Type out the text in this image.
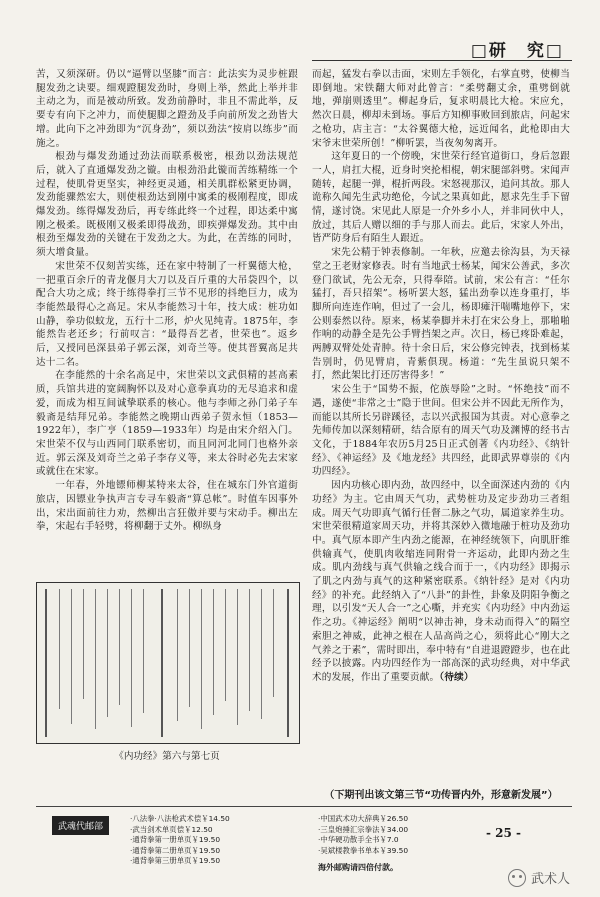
□研　究□

苦，又须深研。仍以“逼臂以坚膝”而言：此法实为灵步桩跟腿发劲之诀要。细观蹬腿发劲时，身则上举，然此上举并非主动之为，而是被动所致。发劲前静时，非且不需此举，反要专有向下之冲力，而使腿脚之蹬劲及手向前所发之劲皆大增。此向下之冲劲即为“沉身劲”，须以劲法“按肩以练步”而施之。

根劲与爆发劲通过劲法而联系极密，根劲以劲法规范后，就入了直通爆发劲之镟。由根劲沿此镟而苦练精练一个过程，使肌骨更坚实，神经更灵通，相关肌群松紧更协调，发劲能骤然宏大，则使根劲达到刚中寓柔的极刚程度，即成爆发劲。练得爆发劲后，再专练此终一个过程，即达柔中寓刚之极柔。既极刚又极柔即得战劲，即疾弹爆发劲。其中由根劲至爆发劲的关键在于发劲之大。为此，在苦练的同时，须大增食量。

宋世荣不仅刻苦实练，还在家中特制了一杆翼德大枪，一把重百余斤的青龙偃月大刀以及百斤重的大吊袋四个，以配合大功之成；终于练得拳打三节不见形的抖绝巨力，成为李能然最得心之高足。宋从李能然习十年，技大成：桩功如山静，拳功似蚊龙，五行十二形，炉火见纯青。1875年，李能然告老还乡；行前叹言：“最得吾艺者，世荣也”。返乡后，又授同邑深县弟子郭云深，刘奇兰等。使其晋翼高足共达十二名。

在李能然的十余名高足中，宋世荣以文武俱精的甚高素质，兵馆共进的宽阔胸怀以及对心意拳真功的无尽追求和虚爱，而成为相互间诚挚联系的核心。他与李师之孙门弟子车毅斋是结拜兄弟。李能然之晚期山西弟子贺永恒（1853—1922年），李广亨（1859—1933年）均是由宋介绍入门。宋世荣不仅与山西同门联系密切，而且同河北同门也格外亲近。郭云深及刘奇兰之弟子李存义等，来太谷时必先去宋家或就住在宋家。

一年春，外地镖师柳某特来太谷，住在城东门外官道街旅店，因镖业争执声言专寻车毅斋“算总帐”。时值车因事外出，宋出面前往力劝，然柳出言狂傲并要与宋动手。柳出左拳，宋起右手轻劈，将柳翻于丈外。柳纵身

《内功经》第六与第七页

而起，猛发右拳以击面，宋则左手领化，右掌直劈，使柳当即倒地。宋铁翻大师对此曾言：“柔劈翻丈余，重劈倒就地，弹崩则透里”。柳起身后，复求明晨比大枪。宋应允，然次日晨，柳却未到场。事后方知柳事败回到旅店，问起宋之枪功，店主言：“太谷翼德大枪，远近闻名，此枪即由大宋爷末世荣所创！”柳听罢，当夜匆匆离开。

这年夏日的一个傍晚，宋世荣行经官道街口，身后忽跟一人，肩扛大棍，近身时突抡相棍，朝宋腿部斜劈。宋闻声随转，起腿一弹，棍折两段。宋怒视那汉，追问其故。那人诡称久闻先生武功绝伦，今试之果真如此，愿求先生手下留情，遂讨饶。宋见此人原是一介外乡小人，并非同伙中人，放过，其后人赠以细的手与那人而去。此后，宋家人外出，皆严防身后有陌生人跟近。

宋先公精于钟表修制。一年秋，应邀去徐沟县，为天禄堂之王老财家修表。时有当地武士杨某，闻宋公善武，多次登门欲试，先公无奈，只得奉陪。试前，宋公有言：“任尔猛打，吾只招架”。杨听罢大怒，猛出劲拳以连身重打，毕脚所向连连作响，但过了一会儿，杨即瘫汗喘嘴地停下，宋公则泰然以待。原来，杨某拳脚并未打在宋公身上，那啪啪作响的动静全是先公手臂挡架之声。次日，杨已疼卧难起，两膊双臂处处青肿。待十余日后，宋公修完钟表，找到杨某告别时，仍见臂肩，青紫俱现。杨道：“先生虽说只架不打，然此架比打还厉害得多！”

宋公生于“国势不振，佗族辱险”之时。“怀绝技”而不遇，遂使“非常之士”隐于世间。但宋公并不因此无所作为，而能以其所长另辟蹊径，志以兴武报国为其责。对心意拳之先师传加以深刻精研，结合原有的周天气功及渊博的经书古文化，于1884年农历5月25日正式创著《内功经》、《纳针经》、《神运经》及《地龙经》共四经，此即武界尊崇的《内功四经》。

因内功核心即内劲，故四经中，以全面深述内劲的《内功经》为主。它由周天气功，武势桩功及定步劲功三者组成。周天气功即真气循行任督二脉之气功，属道家养生功。宋世荣很精道家周天功，并将其深妙入微地融于桩功及劲功中。真气原本即产生内劲之能源，在神经统领下，向肌肝维供输真气，使肌肉收缩连同附骨一齐运动，此即内劲之生成。肌内劲线与真气供输之线合而于一，《内功经》即揭示了肌之内劲与真气的这种紧密联系。《纳针经》是对《内功经》的补充。此经纳入了“八卦”的卦性，卦象及阴阳争衡之理，以引发“天人合一”之心嘶，并充实《内功经》中内劲运作之功。《神运经》阐明“以神击神，身未动而得入”的隔空索胆之神威，此神之根在人品高尚之心，须将此心“刚大之气养之于素”，需时即出，奉中特有“自进退蹬蹬步，也在此经予以披露。内功四经作为一部高深的武功经典，对中华武术的发展，作出了重要贡献。（待续）

（下期刊出该文第三节“功传晋内外，形意新发展”）
武魂代邮部
·八法拳·八法枪武术偿￥14.50
·武当剑术单页偿￥12.50
·通背拳第一册单页￥19.50
·通背拳第二册单页￥19.50
·通背拳第三册单页￥19.50
·中国武术功大辞典￥26.50
·三皇炮捶汇宗拳法￥34.00
·中华硬功散手全书￥7.0
·吴斌楼教拳书单本￥39.50
- 25 -
海外邮购请四倍付款。
武术人
